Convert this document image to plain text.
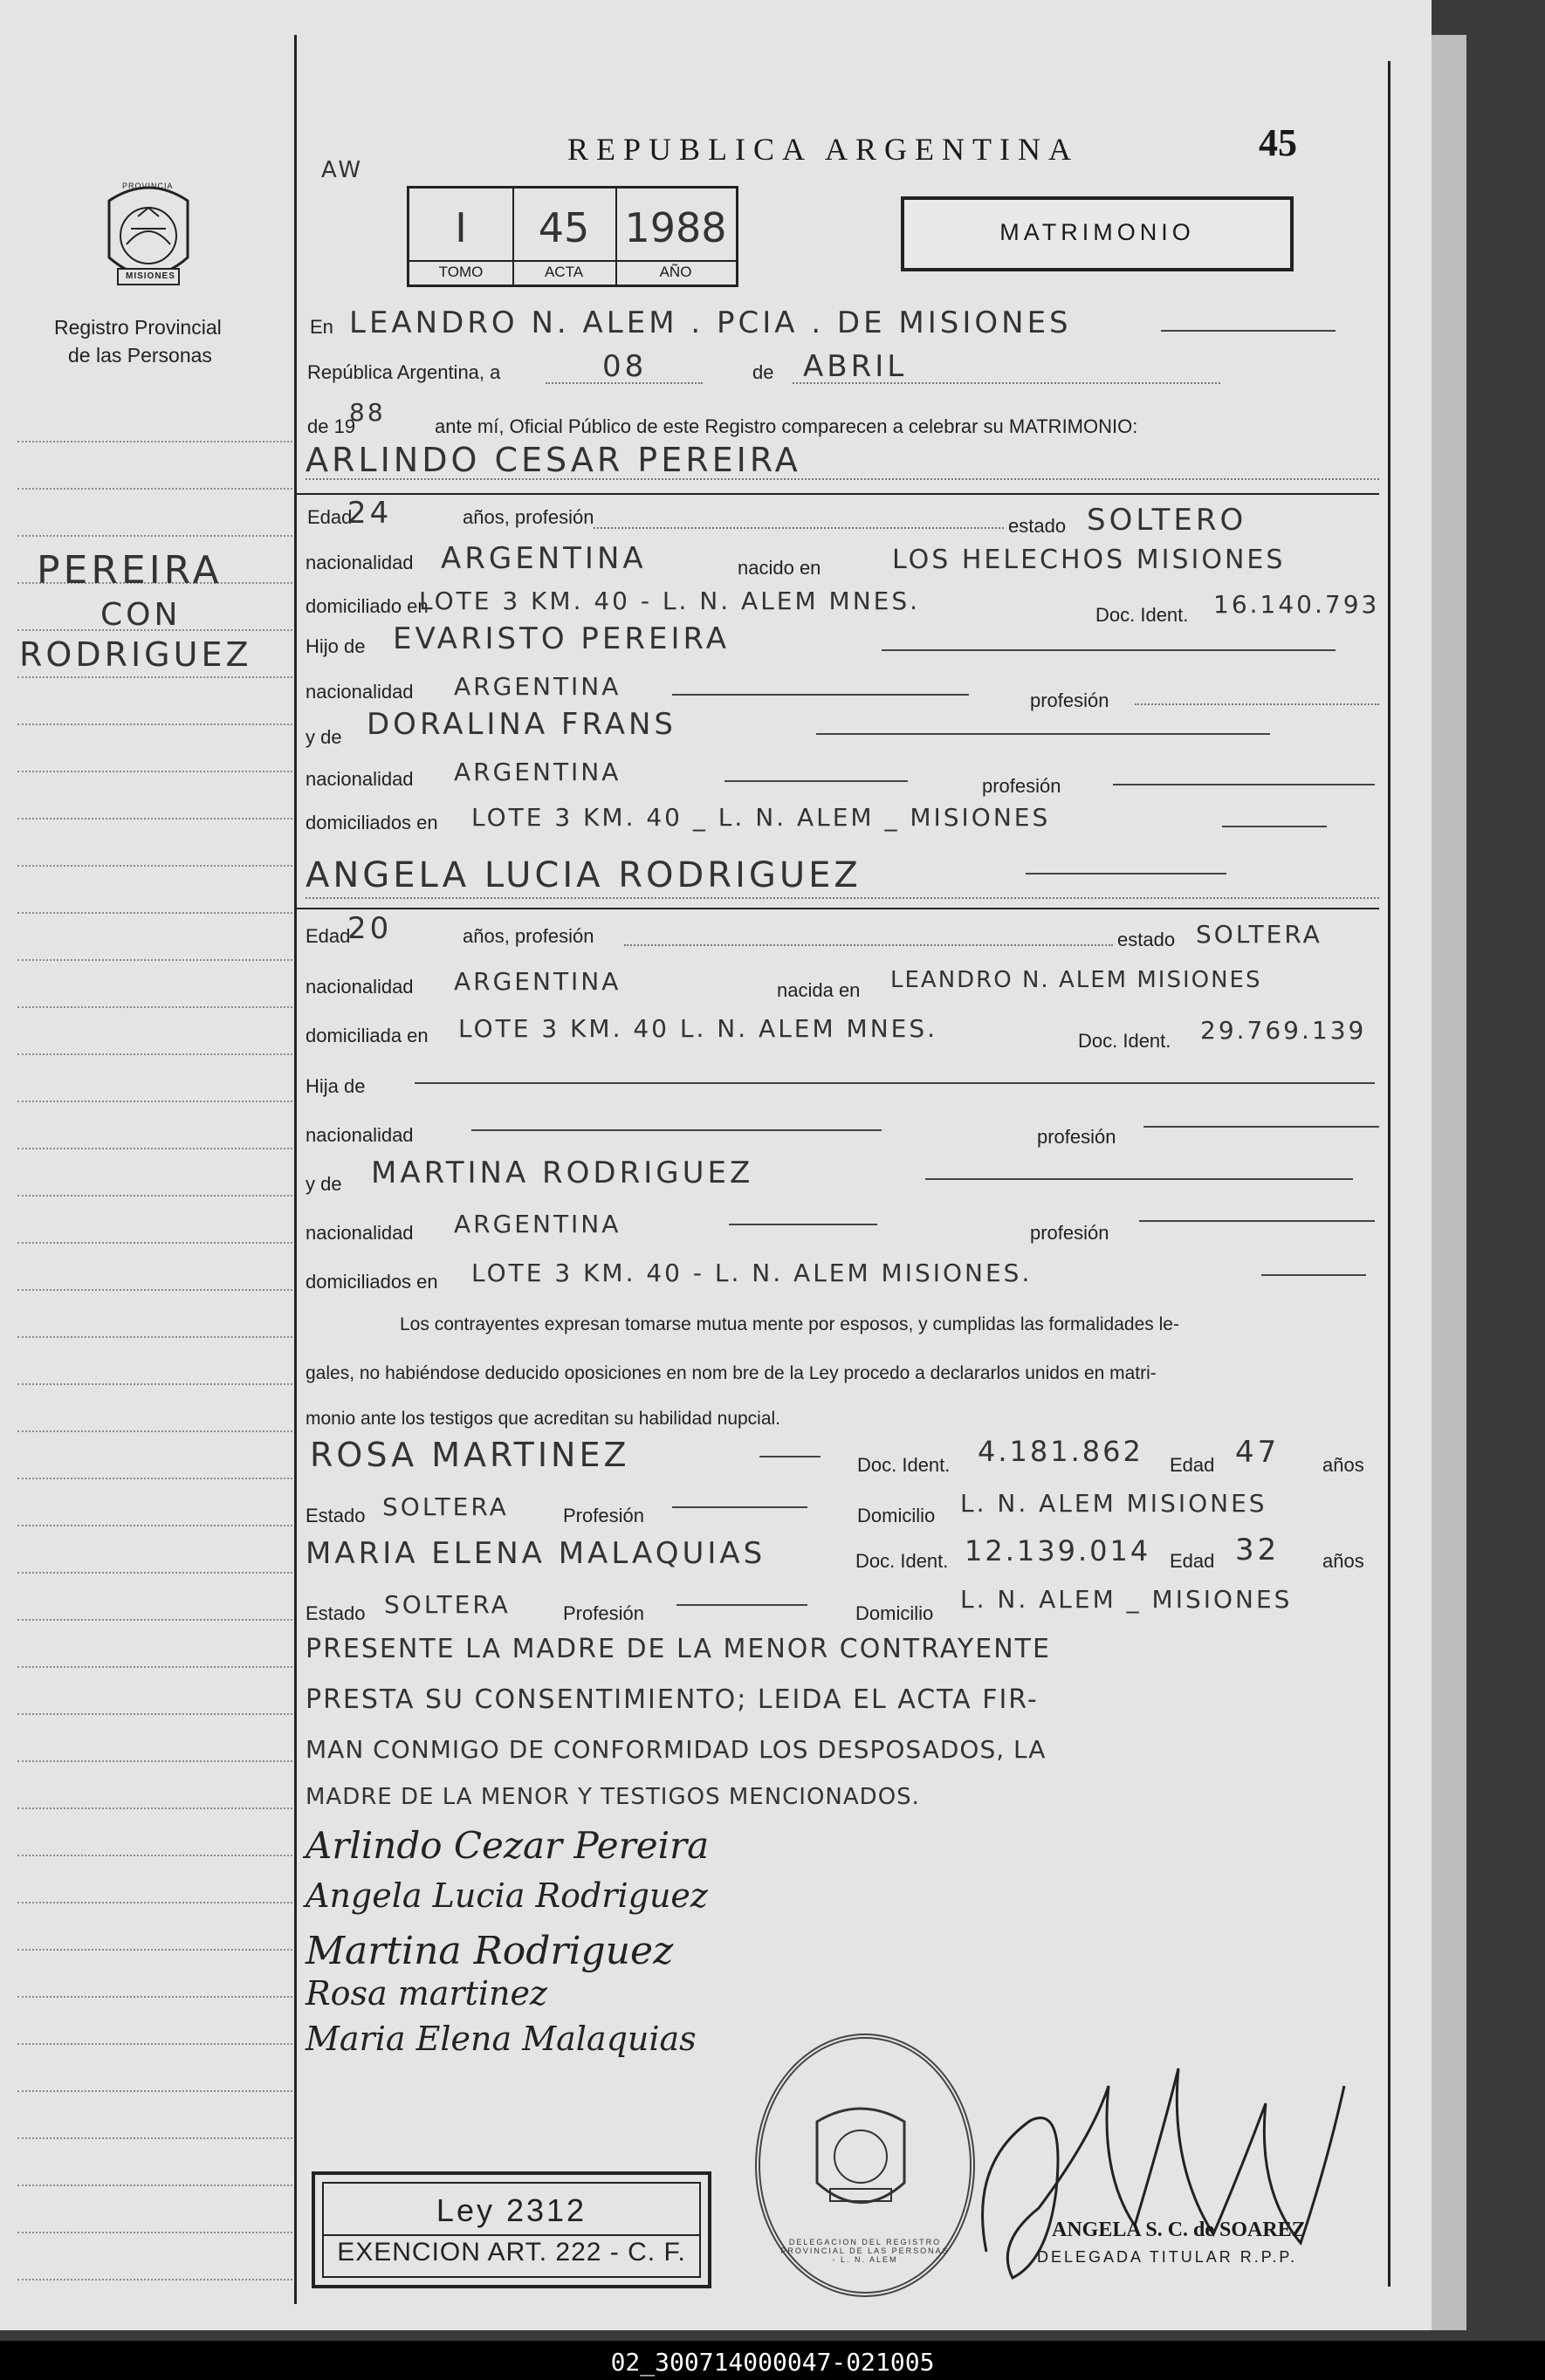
PROVINCIA
MISIONES
Registro Provincial
de las Personas
PEREIRA
CON
RODRIGUEZ
AW
REPUBLICA ARGENTINA	45
I
TOMO
45
ACTA
1988
AÑO
MATRIMONIO
En LEANDRO N. ALEM . PCIA . DE MISIONES
República Argentina, a	08	de ABRIL
de 19
88	ante mí, Oficial Público de este Registro comparecen a celebrar su MATRIMONIO:
ARLINDO CESAR PEREIRA
Edad
24	años, profesión	estado SOLTERO
nacionalidad ARGENTINA	nacido en	LOS HELECHOS MISIONES
domiciliado en
LOTE 3 KM. 40 - L. N. ALEM MNES.	Doc. Ident. 16.140.793
Hijo de EVARISTO PEREIRA
nacionalidad ARGENTINA	profesión
y de DORALINA FRANS
nacionalidad ARGENTINA	profesión
domiciliados en LOTE 3 KM. 40 _ L. N. ALEM _ MISIONES
ANGELA LUCIA RODRIGUEZ
Edad
20	años, profesión	estado SOLTERA
nacionalidad ARGENTINA	nacida en LEANDRO N. ALEM MISIONES
domiciliada en LOTE 3 KM. 40 L. N. ALEM MNES.	Doc. Ident. 29.769.139
Hija de
nacionalidad	profesión
y de MARTINA RODRIGUEZ
nacionalidad ARGENTINA	profesión
domiciliados en LOTE 3 KM. 40 - L. N. ALEM MISIONES.
Los contrayentes expresan tomarse mutua mente por esposos, y cumplidas las formalidades le-
gales, no habiéndose deducido oposiciones en nom bre de la Ley procedo a declararlos unidos en matri-
monio ante los testigos que acreditan su habilidad nupcial.
ROSA MARTINEZ	Doc. Ident. 4.181.862 Edad 47 años
Estado SOLTERA	Profesión	Domicilio L. N. ALEM MISIONES
MARIA ELENA MALAQUIAS	Doc. Ident. 12.139.014 Edad 32 años
Estado SOLTERA	Profesión	Domicilio L. N. ALEM _ MISIONES
PRESENTE LA MADRE DE LA MENOR CONTRAYENTE
PRESTA SU CONSENTIMIENTO; LEIDA EL ACTA FIR-
MAN CONMIGO DE CONFORMIDAD LOS DESPOSADOS, LA
MADRE DE LA MENOR Y TESTIGOS MENCIONADOS.
Arlindo Cezar Pereira
Angela Lucia Rodriguez
Martina Rodriguez
Rosa martinez
Maria Elena Malaquias
Ley 2312
EXENCION ART. 222 - C. F.	DELEGACION DEL REGISTRO PROVINCIAL DE LAS PERSONAS - L. N. ALEM
ANGELA S. C. de SOAREZ
DELEGADA TITULAR R.P.P.
02_300714000047-021005
